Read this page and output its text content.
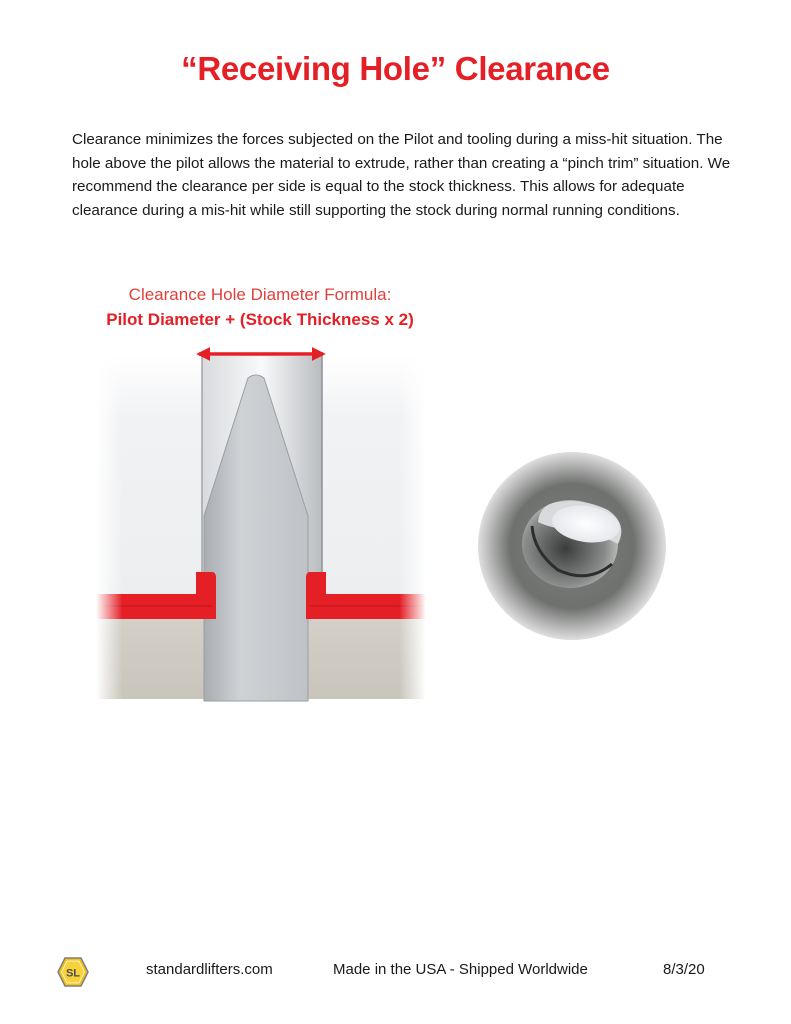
“Receiving Hole” Clearance
Clearance minimizes the forces subjected on the Pilot and tooling during a miss-hit situation. The hole above the pilot allows the material to extrude, rather than creating a “pinch trim” situation. We recommend the clearance per side is equal to the stock thickness. This allows for adequate clearance during a mis-hit while still supporting the stock during normal running conditions.
Clearance Hole Diameter Formula:
Pilot Diameter + (Stock Thickness x 2)
SL	standardlifters.com	Made in the USA - Shipped Worldwide	8/3/20
